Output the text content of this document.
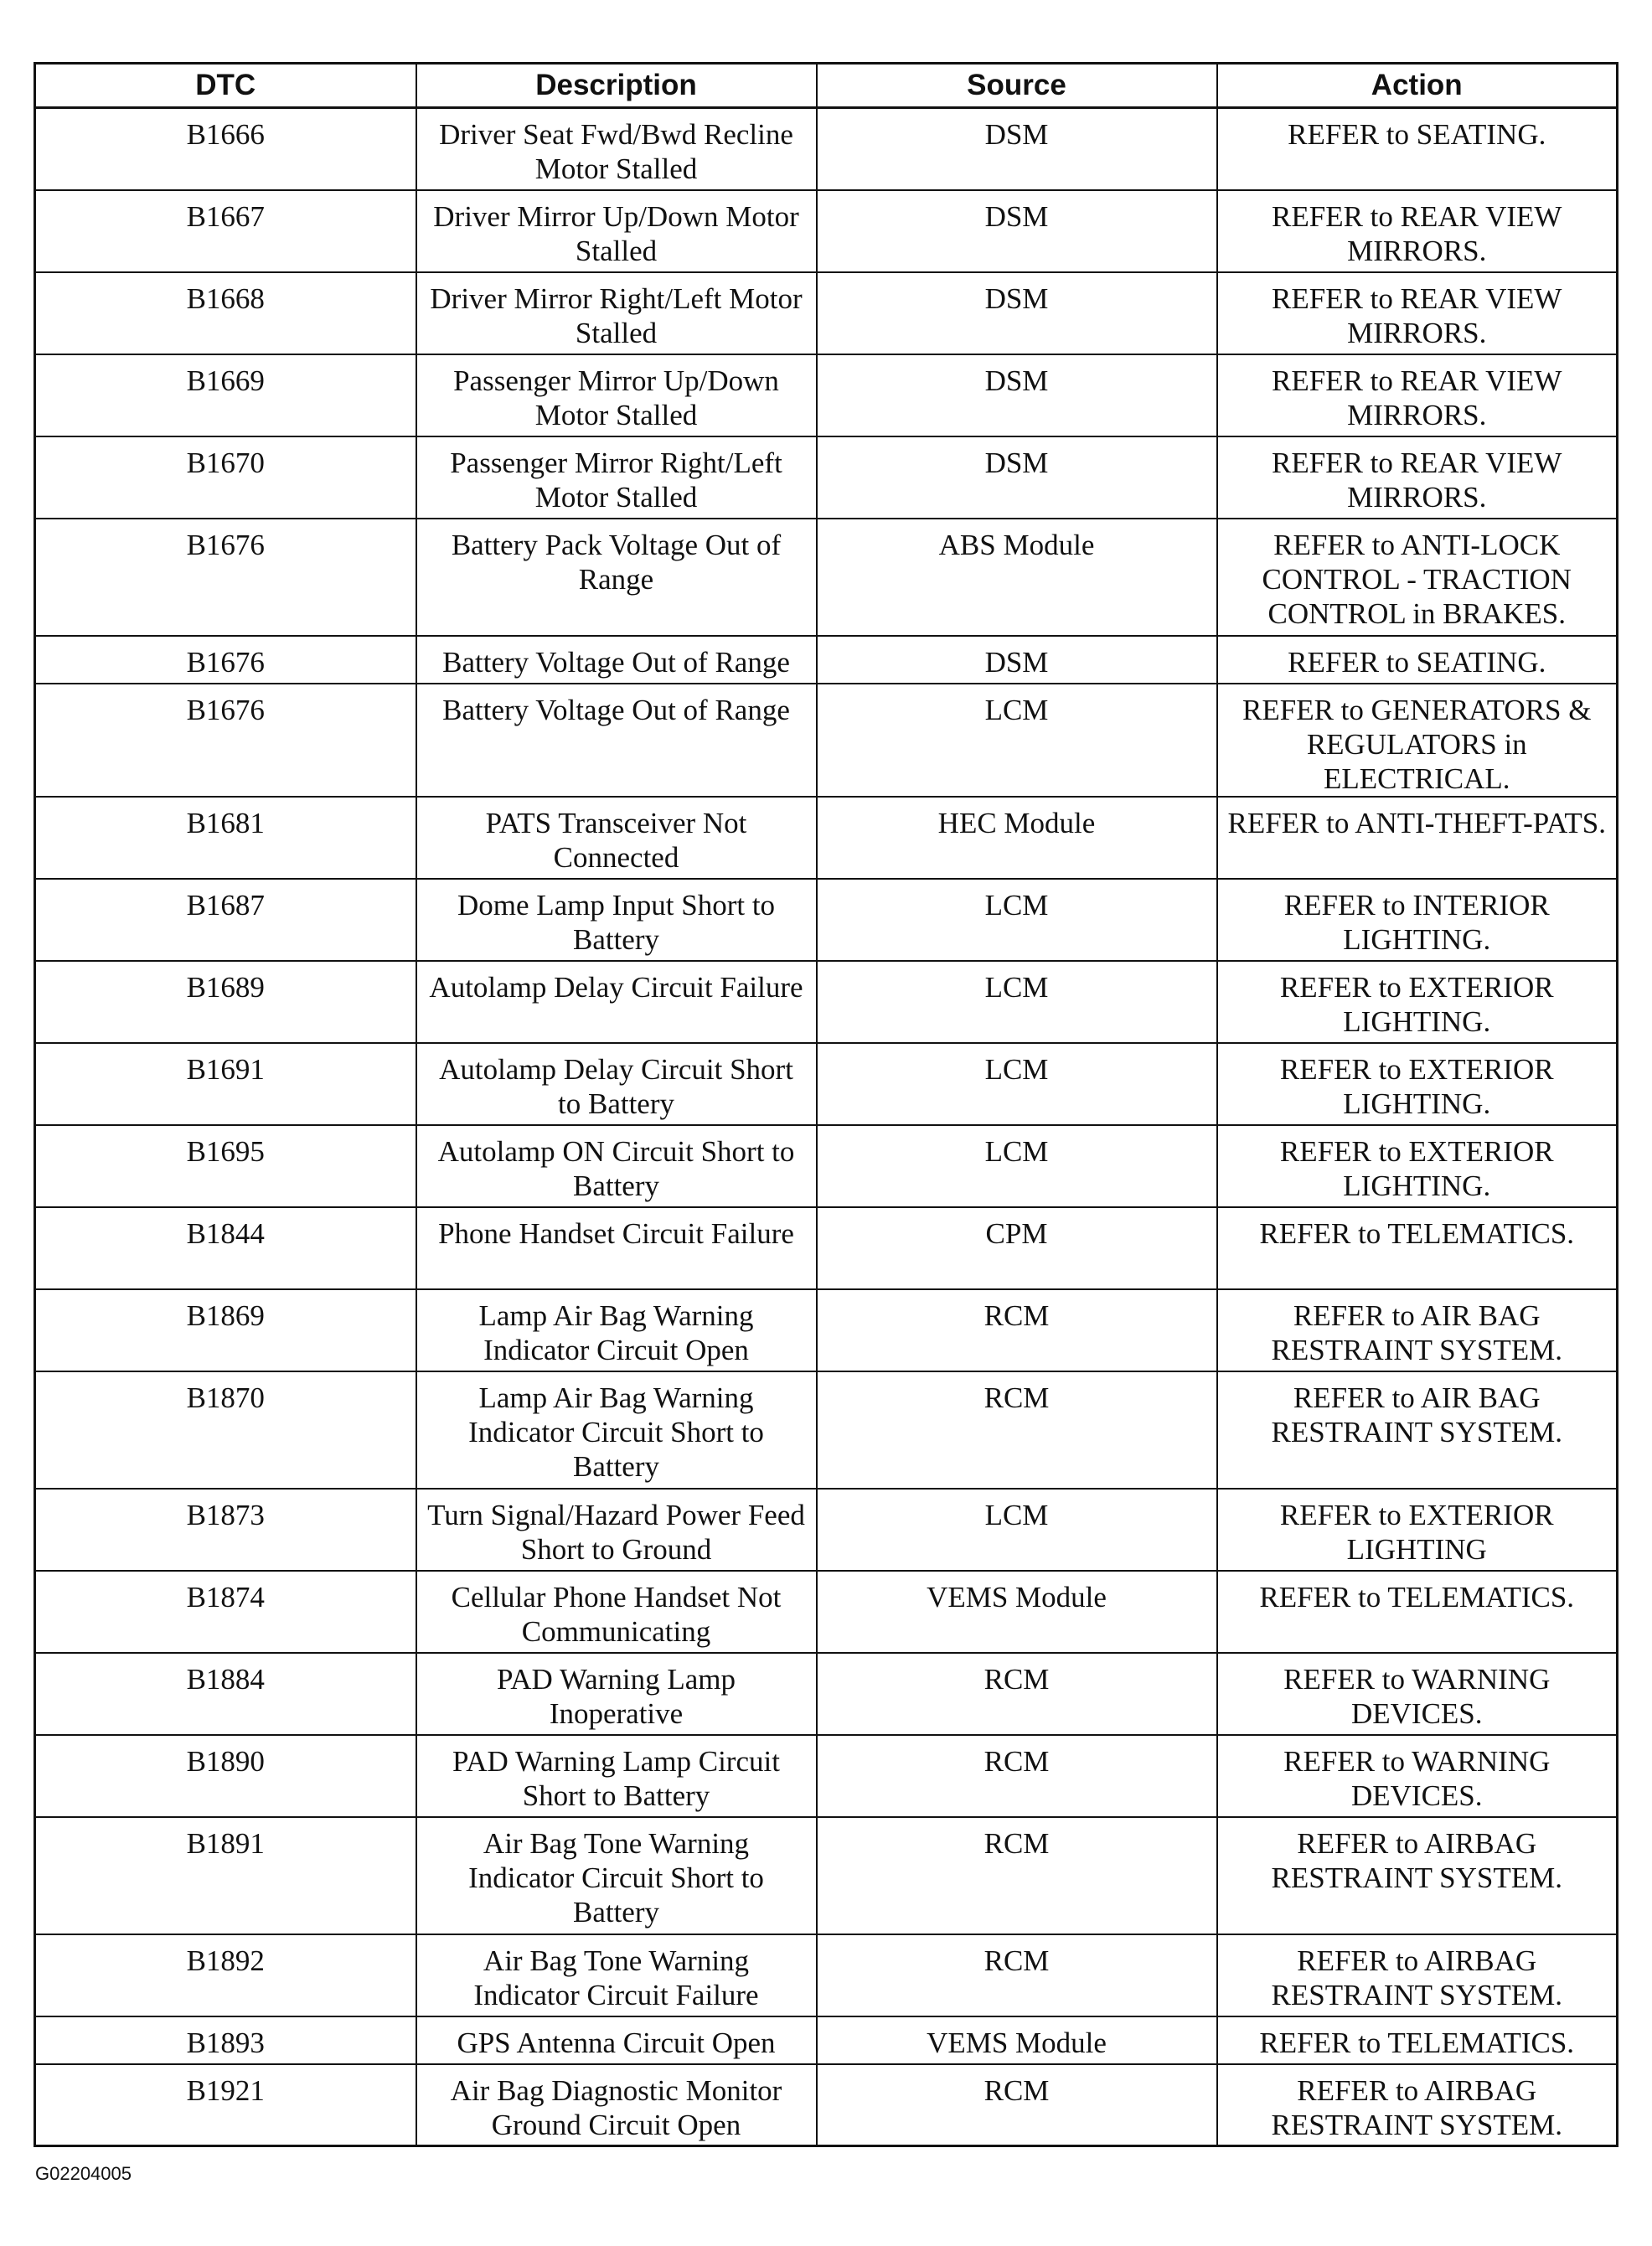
DTC	Description	Source	Action
B1666	Driver Seat Fwd/Bwd Recline Motor Stalled	DSM	REFER to SEATING.
B1667	Driver Mirror Up/Down Motor Stalled	DSM	REFER to REAR VIEW MIRRORS.
B1668	Driver Mirror Right/Left Motor Stalled	DSM	REFER to REAR VIEW MIRRORS.
B1669	Passenger Mirror Up/Down Motor Stalled	DSM	REFER to REAR VIEW MIRRORS.
B1670	Passenger Mirror Right/Left Motor Stalled	DSM	REFER to REAR VIEW MIRRORS.
B1676	Battery Pack Voltage Out of Range	ABS Module	REFER to ANTI-LOCK CONTROL - TRACTION CONTROL in BRAKES.
B1676	Battery Voltage Out of Range	DSM	REFER to SEATING.
B1676	Battery Voltage Out of Range	LCM	REFER to GENERATORS & REGULATORS in ELECTRICAL.
B1681	PATS Transceiver Not Connected	HEC Module	REFER to ANTI-THEFT-PATS.
B1687	Dome Lamp Input Short to Battery	LCM	REFER to INTERIOR LIGHTING.
B1689	Autolamp Delay Circuit Failure	LCM	REFER to EXTERIOR LIGHTING.
B1691	Autolamp Delay Circuit Short to Battery	LCM	REFER to EXTERIOR LIGHTING.
B1695	Autolamp ON Circuit Short to Battery	LCM	REFER to EXTERIOR LIGHTING.
B1844	Phone Handset Circuit Failure	CPM	REFER to TELEMATICS.
B1869	Lamp Air Bag Warning Indicator Circuit Open	RCM	REFER to AIR BAG RESTRAINT SYSTEM.
B1870	Lamp Air Bag Warning Indicator Circuit Short to Battery	RCM	REFER to AIR BAG RESTRAINT SYSTEM.
B1873	Turn Signal/Hazard Power Feed Short to Ground	LCM	REFER to EXTERIOR LIGHTING
B1874	Cellular Phone Handset Not Communicating	VEMS Module	REFER to TELEMATICS.
B1884	PAD Warning Lamp Inoperative	RCM	REFER to WARNING DEVICES.
B1890	PAD Warning Lamp Circuit Short to Battery	RCM	REFER to WARNING DEVICES.
B1891	Air Bag Tone Warning Indicator Circuit Short to Battery	RCM	REFER to AIRBAG RESTRAINT SYSTEM.
B1892	Air Bag Tone Warning Indicator Circuit Failure	RCM	REFER to AIRBAG RESTRAINT SYSTEM.
B1893	GPS Antenna Circuit Open	VEMS Module	REFER to TELEMATICS.
B1921	Air Bag Diagnostic Monitor Ground Circuit Open	RCM	REFER to AIRBAG RESTRAINT SYSTEM.
G02204005
